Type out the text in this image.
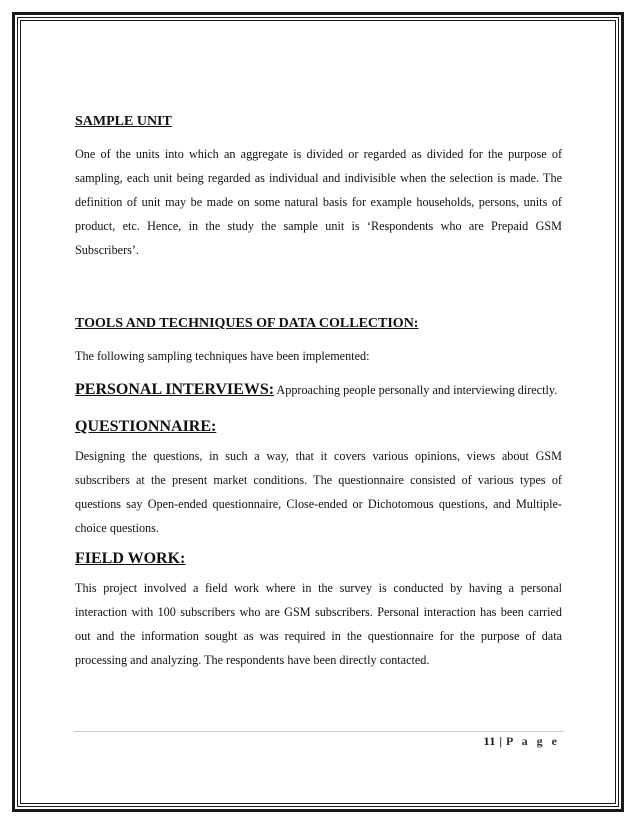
SAMPLE UNIT

One of the units into which an aggregate is divided or regarded as divided for the purpose of sampling, each unit being regarded as individual and indivisible when the selection is made. The definition of unit may be made on some natural basis for example households, persons, units of product, etc. Hence, in the study the sample unit is ‘Respondents who are Prepaid GSM Subscribers’.

TOOLS AND TECHNIQUES OF DATA COLLECTION:

The following sampling techniques have been implemented:

PERSONAL INTERVIEWS: Approaching people personally and interviewing directly.
QUESTIONNAIRE:

Designing the questions, in such a way, that it covers various opinions, views about GSM subscribers at the present market conditions. The questionnaire consisted of various types of questions say Open-ended questionnaire, Close-ended or Dichotomous questions, and Multiple-choice questions.

FIELD WORK:

This project involved a field work where in the survey is conducted by having a personal interaction with 100 subscribers who are GSM subscribers. Personal interaction has been carried out and the information sought as was required in the questionnaire for the purpose of data processing and analyzing. The respondents have been directly contacted.

11 | P a g e
